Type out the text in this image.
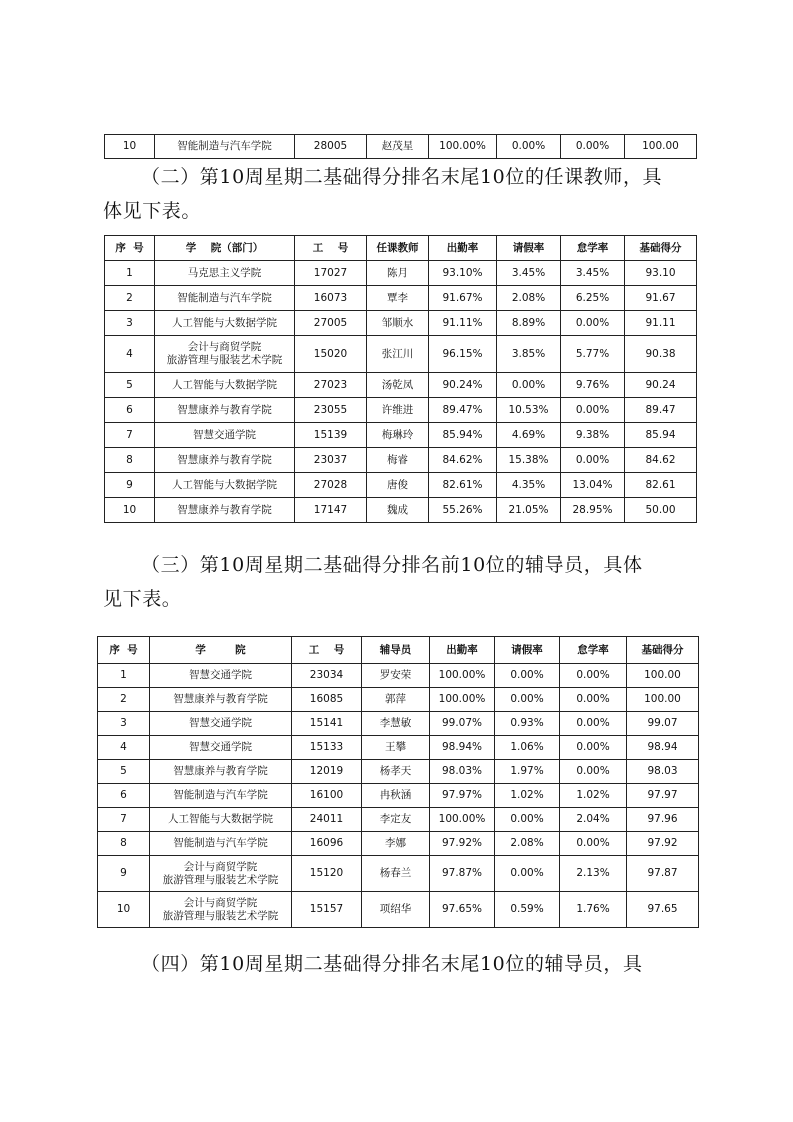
10	智能制造与汽车学院	28005	赵茂星	100.00%	0.00%	0.00%	100.00

（二）第10周星期二基础得分排名末尾10位的任课教师，具
体见下表。

序  号	学    院（部门）	工    号	任课教师	出勤率	请假率	怠学率	基础得分
1	马克思主义学院	17027	陈月	93.10%	3.45%	3.45%	93.10
2	智能制造与汽车学院	16073	覃李	91.67%	2.08%	6.25%	91.67
3	人工智能与大数据学院	27005	邹顺水	91.11%	8.89%	0.00%	91.11
4	会计与商贸学院
旅游管理与服装艺术学院	15020	张江川	96.15%	3.85%	5.77%	90.38
5	人工智能与大数据学院	27023	汤乾凤	90.24%	0.00%	9.76%	90.24
6	智慧康养与教育学院	23055	许维进	89.47%	10.53%	0.00%	89.47
7	智慧交通学院	15139	梅琳玲	85.94%	4.69%	9.38%	85.94
8	智慧康养与教育学院	23037	梅睿	84.62%	15.38%	0.00%	84.62
9	人工智能与大数据学院	27028	唐俊	82.61%	4.35%	13.04%	82.61
10	智慧康养与教育学院	17147	魏成	55.26%	21.05%	28.95%	50.00

（三）第10周星期二基础得分排名前10位的辅导员，具体
见下表。

序  号	学        院	工    号	辅导员	出勤率	请假率	怠学率	基础得分
1	智慧交通学院	23034	罗安荣	100.00%	0.00%	0.00%	100.00
2	智慧康养与教育学院	16085	郭萍	100.00%	0.00%	0.00%	100.00
3	智慧交通学院	15141	李慧敏	99.07%	0.93%	0.00%	99.07
4	智慧交通学院	15133	王攀	98.94%	1.06%	0.00%	98.94
5	智慧康养与教育学院	12019	杨孝天	98.03%	1.97%	0.00%	98.03
6	智能制造与汽车学院	16100	冉秋涵	97.97%	1.02%	1.02%	97.97
7	人工智能与大数据学院	24011	李定友	100.00%	0.00%	2.04%	97.96
8	智能制造与汽车学院	16096	李娜	97.92%	2.08%	0.00%	97.92
9	会计与商贸学院
旅游管理与服装艺术学院	15120	杨春兰	97.87%	0.00%	2.13%	97.87
10	会计与商贸学院
旅游管理与服装艺术学院	15157	项绍华	97.65%	0.59%	1.76%	97.65

（四）第10周星期二基础得分排名末尾10位的辅导员，具
